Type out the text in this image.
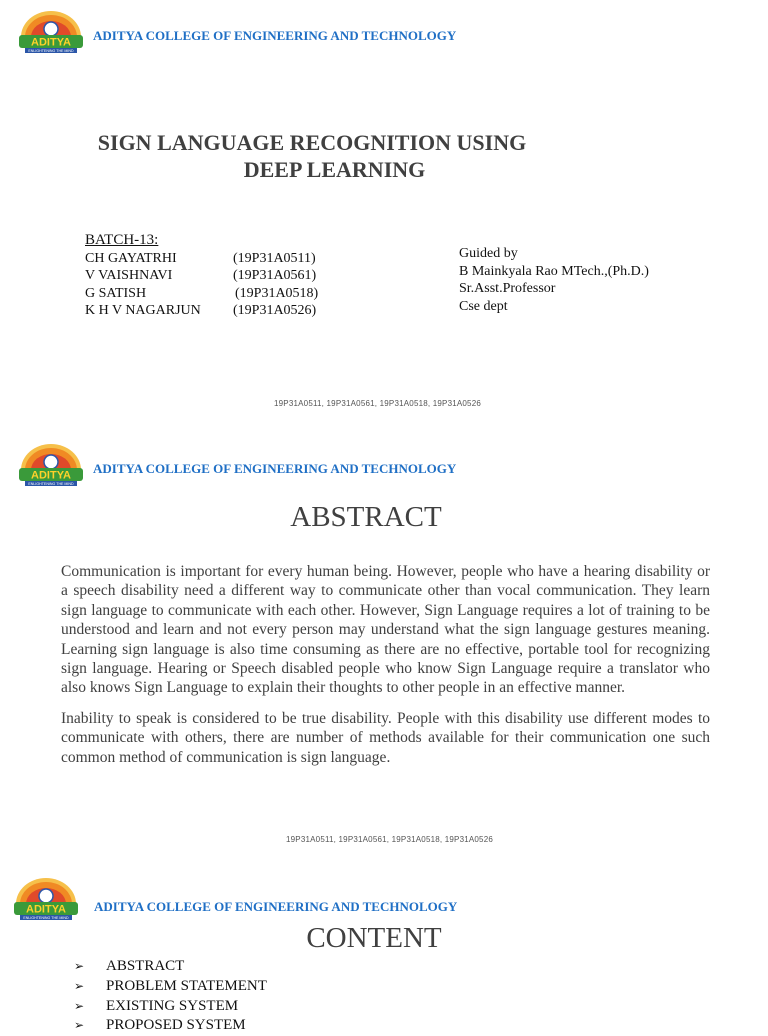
ADITYA
ENLIGHTENING THE MIND
ADITYA COLLEGE OF ENGINEERING AND TECHNOLOGY
SIGN LANGUAGE RECOGNITION USING
DEEP LEARNING
BATCH-13:
CH GAYATRHI	(19P31A0511)
V VAISHNAVI	(19P31A0561)
G SATISH	(19P31A0518)
K H V NAGARJUN	(19P31A0526)
Guided by
B Mainkyala Rao MTech.,(Ph.D.)
Sr.Asst.Professor
Cse dept
19P31A0511, 19P31A0561, 19P31A0518, 19P31A0526
ADITYA
ENLIGHTENING THE MIND
ADITYA COLLEGE OF ENGINEERING AND TECHNOLOGY
ABSTRACT

Communication is important for every human being. However, people who have a hearing disability or a speech disability need a different way to communicate other than vocal communication. They learn sign language to communicate with each other. However, Sign Language requires a lot of training to be understood and learn and not every person may understand what the sign language gestures meaning. Learning sign language is also time consuming as there are no effective, portable tool for recognizing sign language. Hearing or Speech disabled people who know Sign Language require a translator who also knows Sign Language to explain their thoughts to other people in an effective manner.

Inability to speak is considered to be true disability. People with this disability use different modes to communicate with others, there are number of methods available for their communication one such common method of communication is sign language.

19P31A0511, 19P31A0561, 19P31A0518, 19P31A0526
ADITYA
ENLIGHTENING THE MIND
ADITYA COLLEGE OF ENGINEERING AND TECHNOLOGY
CONTENT
➢	ABSTRACT
➢	PROBLEM STATEMENT
➢	EXISTING SYSTEM
➢	PROPOSED SYSTEM
